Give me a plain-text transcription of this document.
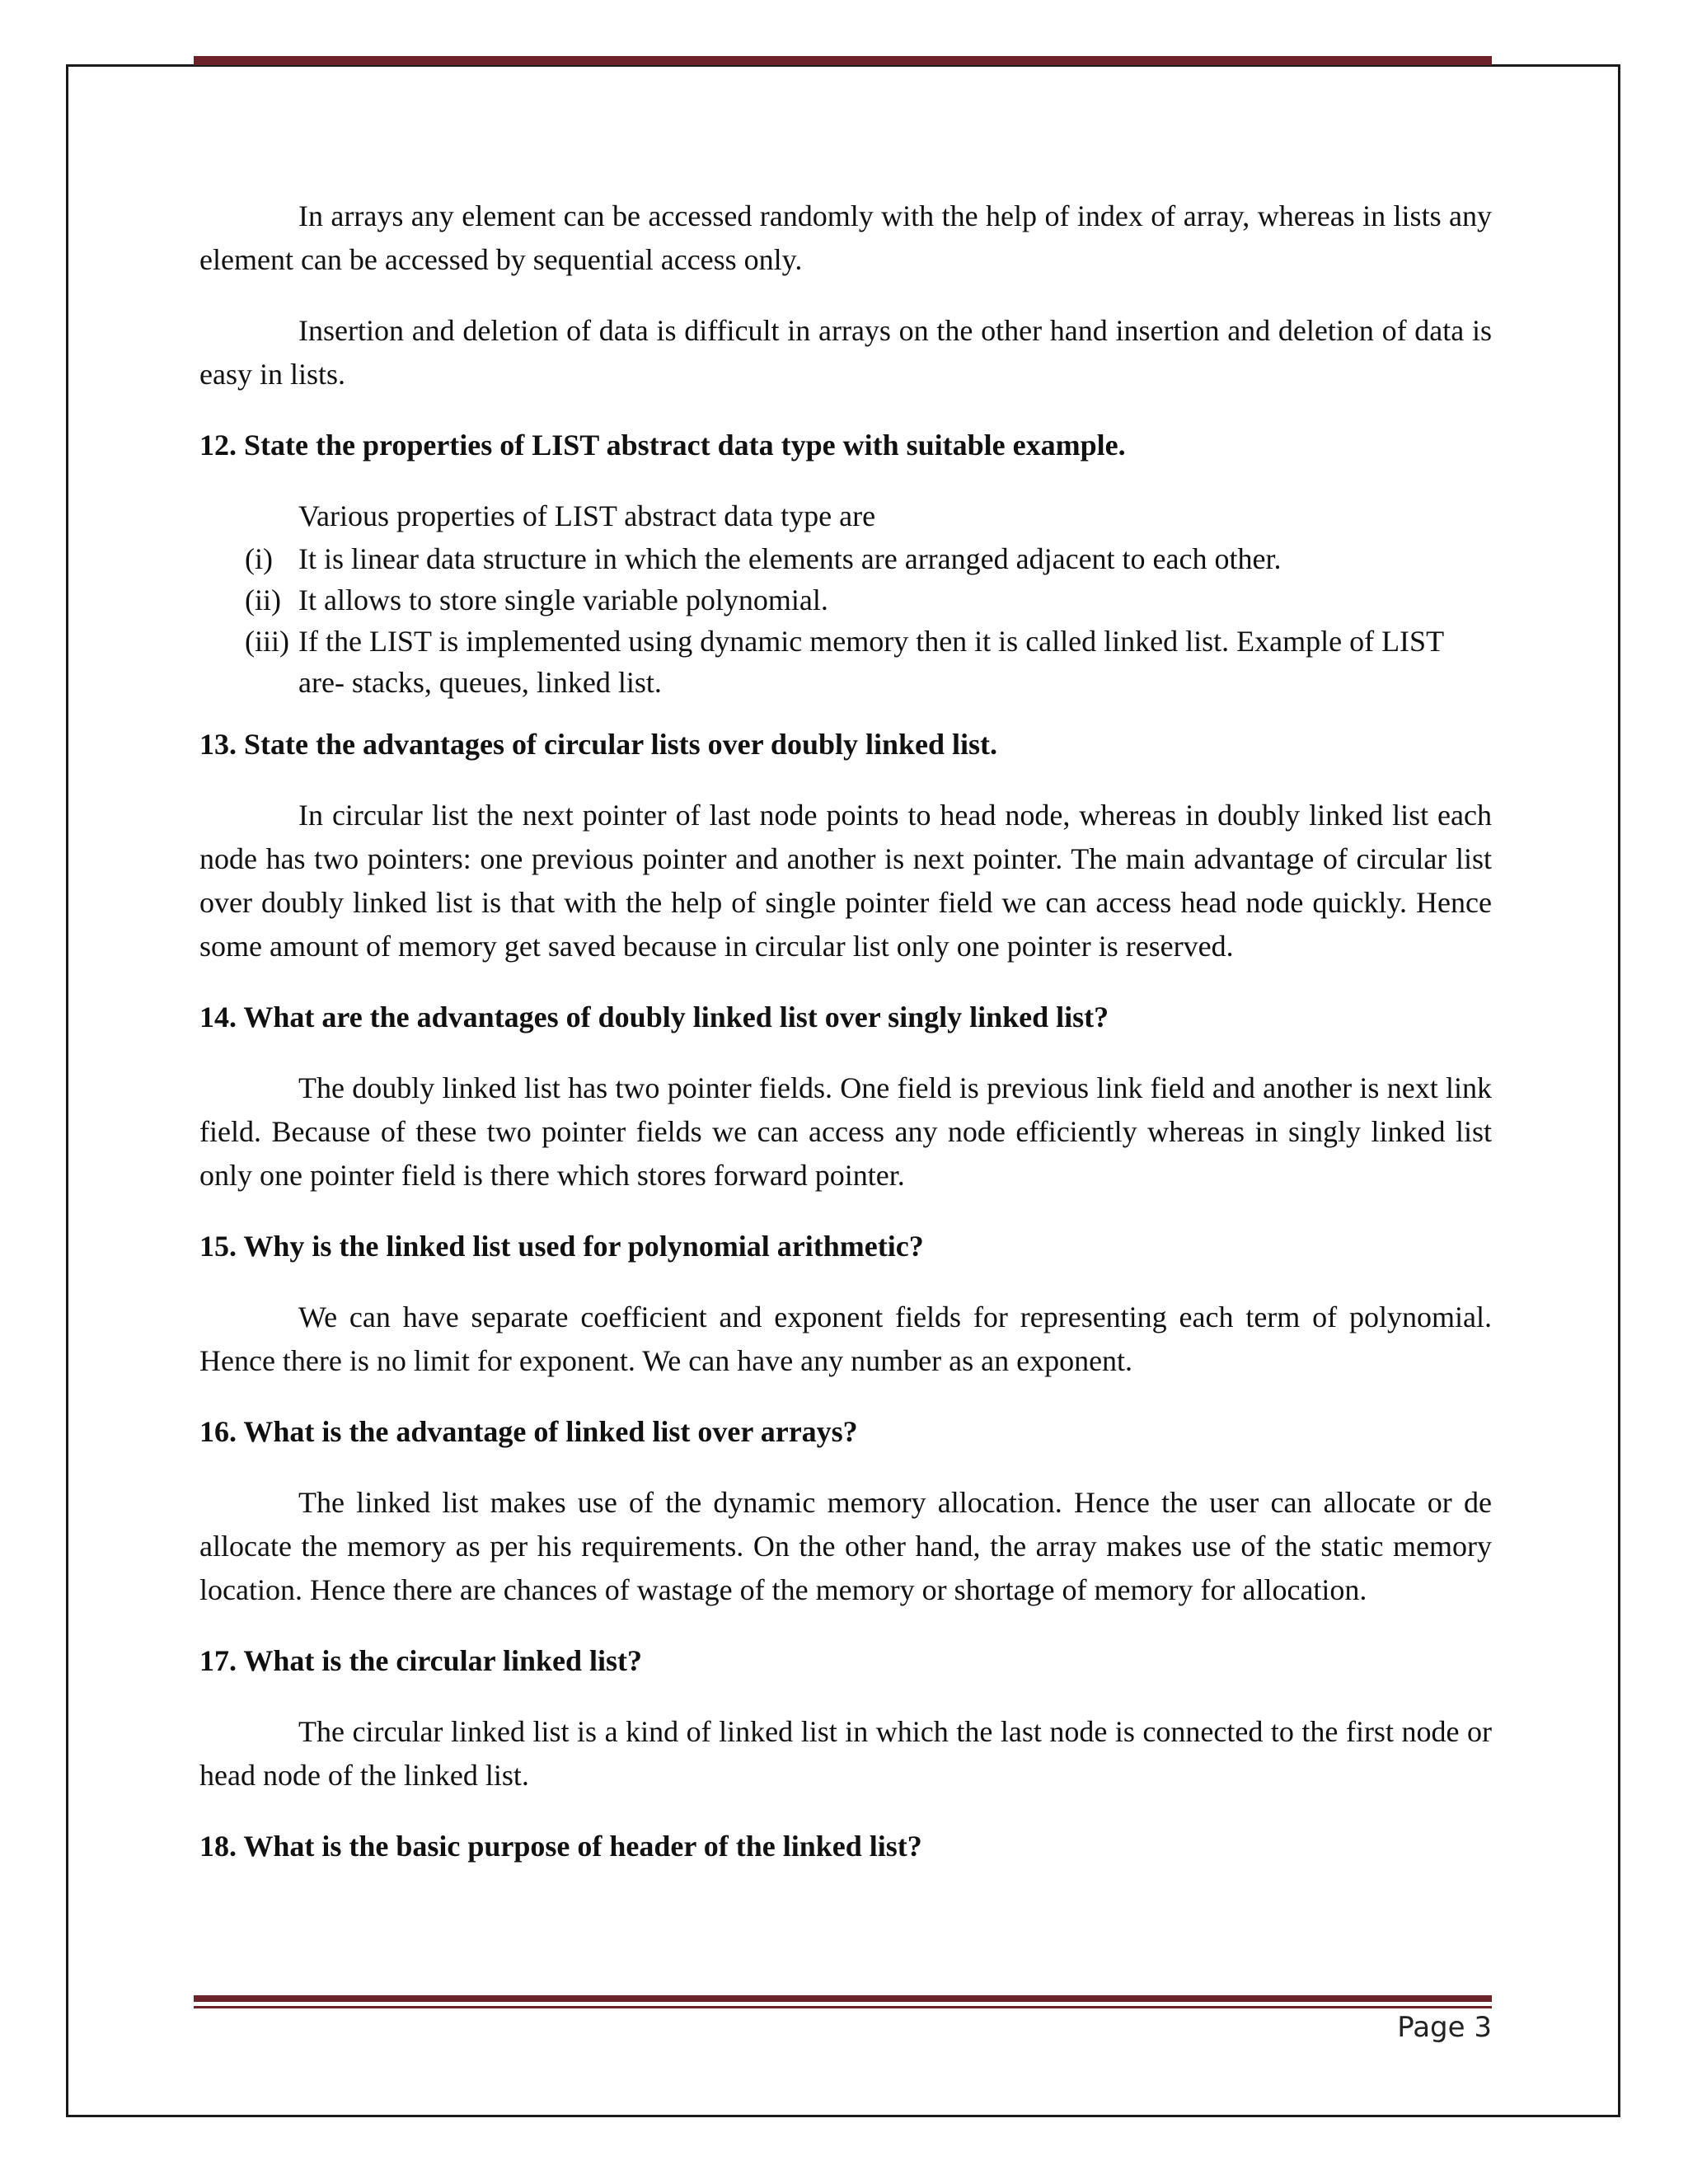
In arrays any element can be accessed randomly with the help of index of array, whereas in lists any element can be accessed by sequential access only.

Insertion and deletion of data is difficult in arrays on the other hand insertion and deletion of data is easy in lists.

12. State the properties of LIST abstract data type with suitable example.
Various properties of LIST abstract data type are
(i) It is linear data structure in which the elements are arranged adjacent to each other.
(ii) It allows to store single variable polynomial.
(iii) If the LIST is implemented using dynamic memory then it is called linked list. Example of LIST are- stacks, queues, linked list.
13. State the advantages of circular lists over doubly linked list.

In circular list the next pointer of last node points to head node, whereas in doubly linked list each node has two pointers: one previous pointer and another is next pointer. The main advantage of circular list over doubly linked list is that with the help of single pointer field we can access head node quickly. Hence some amount of memory get saved because in circular list only one pointer is reserved.

14. What are the advantages of doubly linked list over singly linked list?

The doubly linked list has two pointer fields. One field is previous link field and another is next link field. Because of these two pointer fields we can access any node efficiently whereas in singly linked list only one pointer field is there which stores forward pointer.

15. Why is the linked list used for polynomial arithmetic?

We can have separate coefficient and exponent fields for representing each term of polynomial. Hence there is no limit for exponent. We can have any number as an exponent.

16. What is the advantage of linked list over arrays?

The linked list makes use of the dynamic memory allocation. Hence the user can allocate or de allocate the memory as per his requirements. On the other hand, the array makes use of the static memory location. Hence there are chances of wastage of the memory or shortage of memory for allocation.

17. What is the circular linked list?

The circular linked list is a kind of linked list in which the last node is connected to the first node or head node of the linked list.

18. What is the basic purpose of header of the linked list?
Page 3
